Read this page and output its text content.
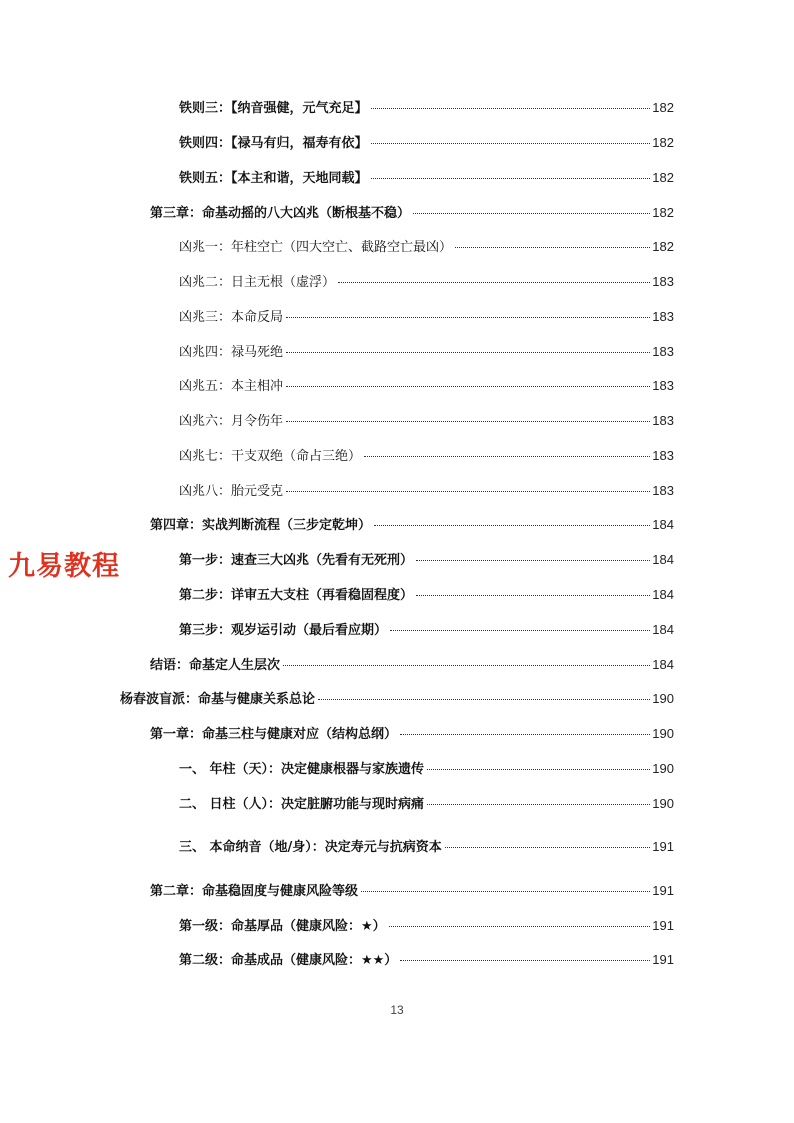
铁则三：【纳音强健，元气充足】	182
铁则四：【禄马有归，福寿有依】	182
铁则五：【本主和谐，天地同载】	182
第三章：命基动摇的八大凶兆（断根基不稳）	182
凶兆一：年柱空亡（四大空亡、截路空亡最凶）	182
凶兆二：日主无根（虚浮）	183
凶兆三：本命反局	183
凶兆四：禄马死绝	183
凶兆五：本主相冲	183
凶兆六：月令伤年	183
凶兆七：干支双绝（命占三绝）	183
凶兆八：胎元受克	183
第四章：实战判断流程（三步定乾坤）	184
第一步：速查三大凶兆（先看有无死刑）	184
第二步：详审五大支柱（再看稳固程度）	184
第三步：观岁运引动（最后看应期）	184
结语：命基定人生层次	184
杨春波盲派：命基与健康关系总论	190
第一章：命基三柱与健康对应（结构总纲）	190
一、 年柱（天）：决定健康根器与家族遗传	190
二、 日柱（人）：决定脏腑功能与现时病痛	190
三、 本命纳音（地/身）：决定寿元与抗病资本	191
第二章：命基稳固度与健康风险等级	191
第一级：命基厚品（健康风险：★）	191
第二级：命基成品（健康风险：★★）	191
九易教程
13
